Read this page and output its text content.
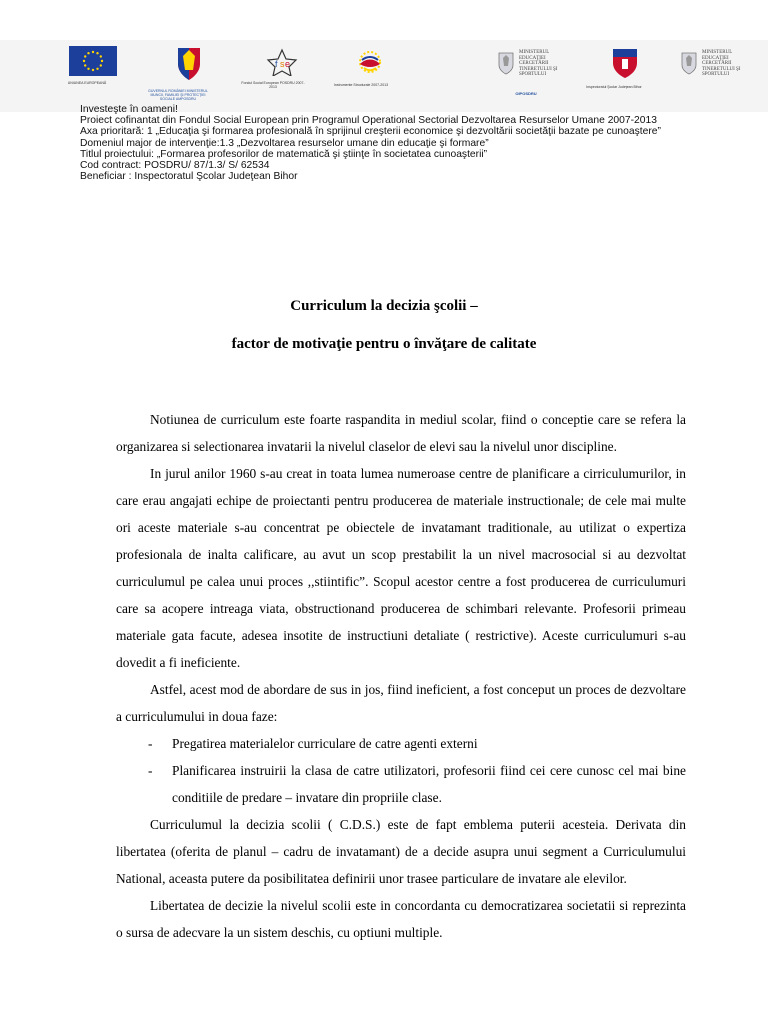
UNIUNEA EUROPEANĂ
GUVERNUL ROMÂNIEI MINISTERUL MUNCII, FAMILIEI ŞI PROTECŢIEI SOCIALE AMPOSDRU
f s e
Fondul Social European POSDRU 2007-2013	Instrumente Structurale 2007-2013
MINISTERUL EDUCAŢIEI CERCETĂRII TINERETULUI ŞI SPORTULUI
OIPOSDRU
Inspectoratul Şcolar Judeţean Bihor
MINISTERUL EDUCAŢIEI CERCETĂRII TINERETULUI ŞI SPORTULUI
Investeşte în oameni!
Proiect cofinantat din Fondul Social European prin Programul Operational Sectorial Dezvoltarea Resurselor Umane 2007-2013
Axa prioritară: 1 „Educaţia şi formarea profesională în sprijinul creşterii economice şi dezvoltării societăţii bazate pe cunoaştere”
Domeniul major de intervenţie:1.3 „Dezvoltarea resurselor umane din educaţie şi formare”
Titlul proiectului: „Formarea profesorilor de matematică şi ştiinţe în societatea cunoaşterii”
Cod contract: POSDRU/ 87/1.3/ S/ 62534
Beneficiar : Inspectoratul Şcolar Judeţean Bihor
Curriculum la decizia şcolii –
factor de motivaţie pentru o învăţare de calitate

Notiunea de curriculum este foarte raspandita in mediul scolar, fiind o conceptie care se refera la organizarea si selectionarea invatarii la nivelul claselor de elevi sau la nivelul unor discipline.

In jurul anilor 1960 s-au creat in toata lumea numeroase centre de planificare a cirriculumurilor, in care erau angajati echipe de proiectanti pentru producerea de materiale instructionale; de cele mai multe ori aceste materiale s-au concentrat pe obiectele de invatamant traditionale, au utilizat o expertiza profesionala de inalta calificare, au avut un scop prestabilit la un nivel macrosocial si au dezvoltat curriculumul pe calea unui proces ,,stiintific”. Scopul acestor centre a fost producerea de curriculumuri care sa acopere intreaga viata, obstructionand producerea de schimbari relevante. Profesorii primeau materiale gata facute, adesea insotite de instructiuni detaliate ( restrictive). Aceste curriculumuri s-au dovedit a fi ineficiente.

Astfel, acest mod de abordare de sus in jos, fiind ineficient, a fost conceput un proces de dezvoltare a curriculumului in doua faze:

- Pregatirea materialelor curriculare de catre agenti externi
- Planificarea instruirii la clasa de catre utilizatori, profesorii fiind cei cere cunosc cel mai bine conditiile de predare – invatare din propriile clase.

Curriculumul la decizia scolii ( C.D.S.) este de fapt emblema puterii acesteia. Derivata din libertatea (oferita de planul – cadru de invatamant) de a decide asupra unui segment a Curriculumului National, aceasta putere da posibilitatea definirii unor trasee particulare de invatare ale elevilor.

Libertatea de decizie la nivelul scolii este in concordanta cu democratizarea societatii si reprezinta o sursa de adecvare la un sistem deschis, cu optiuni multiple.
